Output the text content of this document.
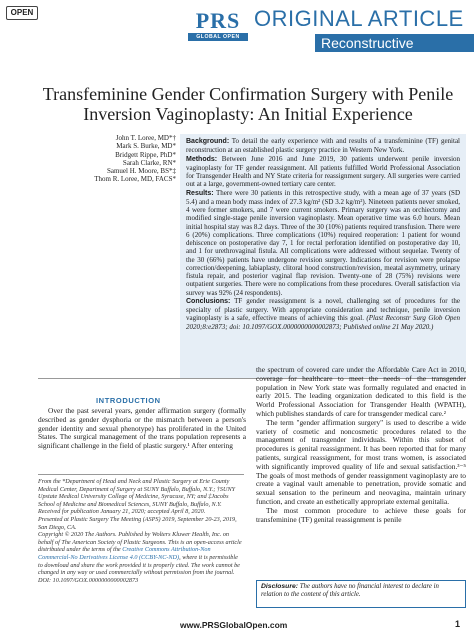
OPEN	PRS
GLOBAL OPEN
ORIGINAL ARTICLE
Reconstructive
Transfeminine Gender Confirmation Surgery with Penile Inversion Vaginoplasty: An Initial Experience
John T. Loree, MD*†
Mark S. Burke, MD*
Bridgett Rippe, PhD*
Sarah Clarke, RN*
Samuel H. Moore, BS*‡
Thom R. Loree, MD, FACS*

Background: To detail the early experience with and results of a transfeminine (TF) genital reconstruction at an established plastic surgery practice in Western New York.
Methods: Between June 2016 and June 2019, 30 patients underwent penile inversion vaginoplasty for TF gender reassignment. All patients fulfilled World Professional Association for Transgender Health and NY State criteria for reassignment surgery. All surgeries were carried out at a large, government-owned tertiary care center.
Results: There were 30 patients in this retrospective study, with a mean age of 37 years (SD 5.4) and a mean body mass index of 27.3 kg/m² (SD 3.2 kg/m²). Nineteen patients never smoked, 4 were former smokers, and 7 were current smokers. Primary surgery was an orchiectomy and modified single-stage penile inversion vaginoplasty. Mean operative time was 6.0 hours. Mean initial hospital stay was 8.2 days. Three of the 30 (10%) patients required transfusion. There were 6 (20%) complications. Three complications (10%) required reoperation: 1 patient for wound dehiscence on postoperative day 7, 1 for rectal perforation identified on postoperative day 10, and 1 for urethrovaginal fistula. All complications were addressed without sequelae. Twenty of the 30 (66%) patients have undergone revision surgery. Indications for revision were prolapse correction/deepening, labiaplasty, clitoral hood construction/revision, meatal asymmetry, urinary fistula repair, and posterior vaginal flap revision. Twenty-one of 28 (75%) revisions were outpatient surgeries. There were no complications from these procedures. Overall satisfaction via survey was 92% (24 respondents).
Conclusions: TF gender reassignment is a novel, challenging set of procedures for the specialty of plastic surgery. With appropriate consideration and technique, penile inversion vaginoplasty is a safe, effective means of achieving this goal. (Plast Reconstr Surg Glob Open 2020;8:e2873; doi: 10.1097/GOX.0000000000002873; Published online 21 May 2020.)

INTRODUCTION

Over the past several years, gender affirmation surgery (formally described as gender dysphoria or the mismatch between a person's gender identity and sexual phenotype) has proliferated in the United States. The surgical management of the trans population represents a significant challenge in the field of plastic surgery.¹ After entering

From the *Department of Head and Neck and Plastic Surgery at Erie County Medical Center, Department of Surgery at SUNY Buffalo, Buffalo, N.Y.; †SUNY Upstate Medical University College of Medicine, Syracuse, NY; and ‡Jacobs School of Medicine and Biomedical Sciences, SUNY Buffalo, Buffalo, N.Y.
Received for publication January 21, 2020; accepted April 8, 2020.
Presented at Plastic Surgery The Meeting (ASPS) 2019, September 20-23, 2019, San Diego, CA.
Copyright © 2020 The Authors. Published by Wolters Kluwer Health, Inc. on behalf of The American Society of Plastic Surgeons. This is an open-access article distributed under the terms of the Creative Commons Attribution-Non Commercial-No Derivatives License 4.0 (CCBY-NC-ND), where it is permissible to download and share the work provided it is properly cited. The work cannot be changed in any way or used commercially without permission from the journal.
DOI: 10.1097/GOX.0000000000002873

the spectrum of covered care under the Affordable Care Act in 2010, coverage for healthcare to meet the needs of the transgender population in New York state was formally regulated and enacted in early 2015. The leading organization dedicated to this field is the World Professional Association for Transgender Health (WPATH), which publishes standards of care for transgender medical care.²

The term "gender affirmation surgery" is used to describe a wide variety of cosmetic and noncosmetic procedures related to the management of transgender individuals. Within this subset of procedures is genital reassignment. It has been reported that for many patients, surgical reassignment, for most trans women, is associated with significantly improved quality of life and sexual satisfaction.³⁻⁵ The goals of most methods of gender reassignment vaginoplasty are to create a vaginal vault amenable to penetration, provide somatic and sexual sensation to the perineum and neovagina, maintain urinary function, and create an esthetically appropriate external genitalia.

The most common procedure to achieve these goals for transfeminine (TF) genital reassignment is penile

Disclosure: The authors have no financial interest to declare in relation to the content of this article.
www.PRSGlobalOpen.com	1
